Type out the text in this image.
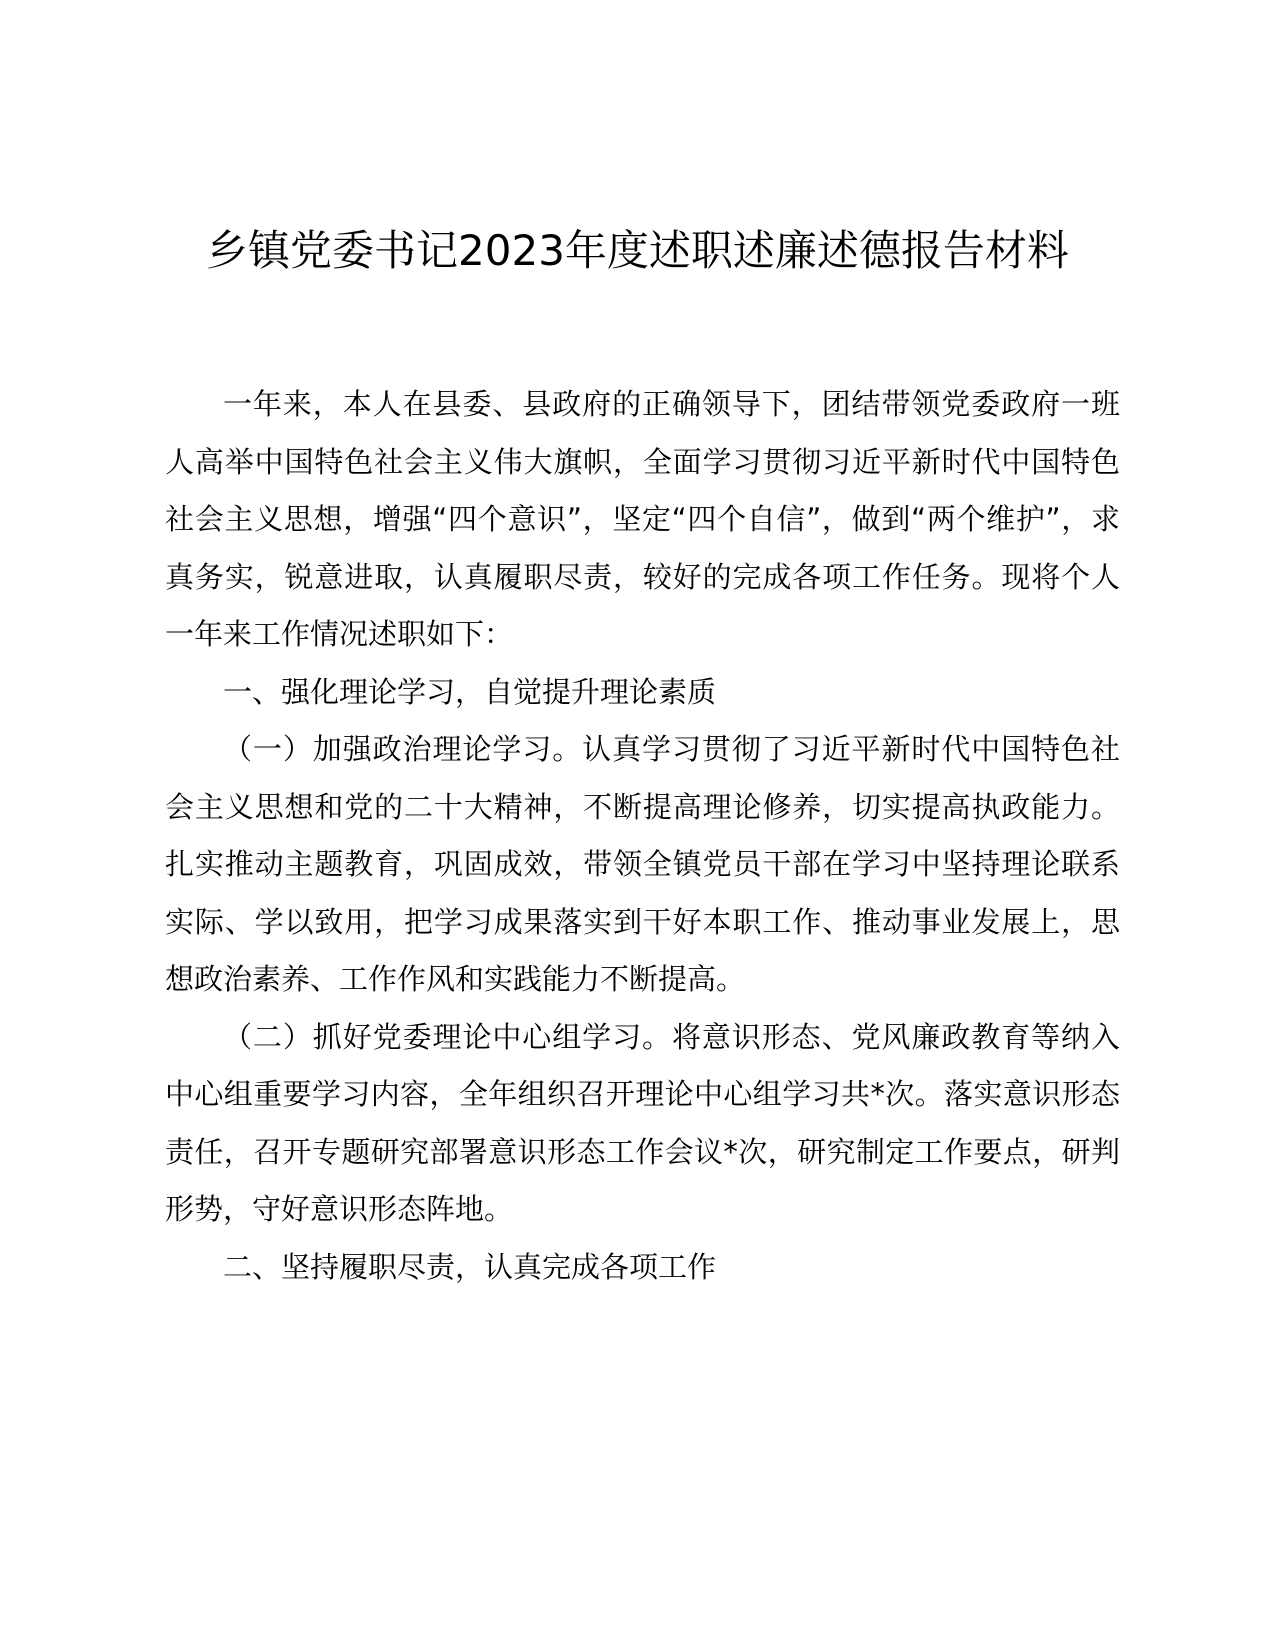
乡镇党委书记2023年度述职述廉述德报告材料

一年来，本人在县委、县政府的正确领导下，团结带领党委政府一班人高举中国特色社会主义伟大旗帜，全面学习贯彻习近平新时代中国特色社会主义思想，增强“四个意识”，坚定“四个自信”，做到“两个维护”，求真务实，锐意进取，认真履职尽责，较好的完成各项工作任务。现将个人一年来工作情况述职如下：

一、强化理论学习，自觉提升理论素质

（一）加强政治理论学习。认真学习贯彻了习近平新时代中国特色社会主义思想和党的二十大精神，不断提高理论修养，切实提高执政能力。扎实推动主题教育，巩固成效，带领全镇党员干部在学习中坚持理论联系实际、学以致用，把学习成果落实到干好本职工作、推动事业发展上，思想政治素养、工作作风和实践能力不断提高。

（二）抓好党委理论中心组学习。将意识形态、党风廉政教育等纳入中心组重要学习内容，全年组织召开理论中心组学习共*次。落实意识形态责任，召开专题研究部署意识形态工作会议*次，研究制定工作要点，研判形势，守好意识形态阵地。

二、坚持履职尽责，认真完成各项工作
